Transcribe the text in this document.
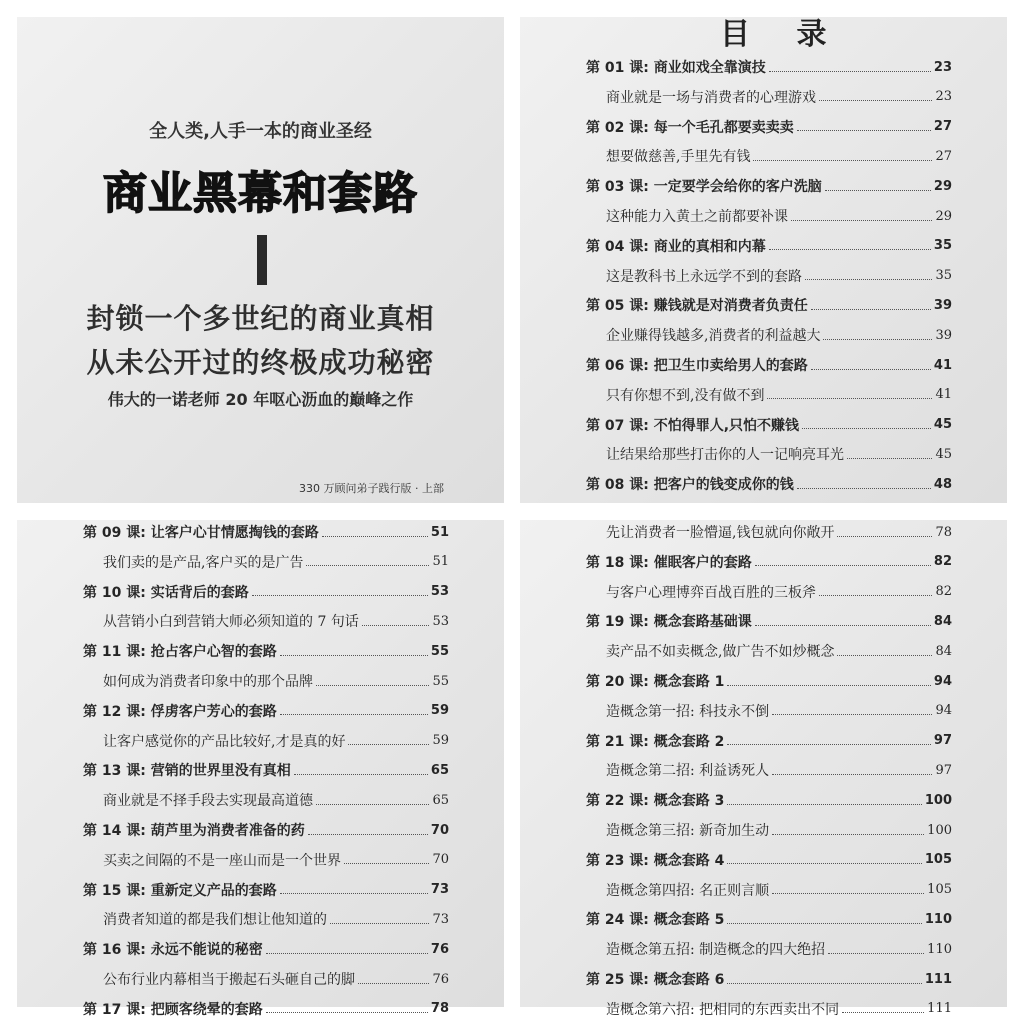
全人类,人手一本的商业圣经
商业黑幕和套路
封锁一个多世纪的商业真相
从未公开过的终极成功秘密
伟大的一诺老师 20 年呕心沥血的巅峰之作
330 万顾问弟子践行版 · 上部
目 录
第 01 课: 商业如戏全靠演技	23
商业就是一场与消费者的心理游戏	23
第 02 课: 每一个毛孔都要卖卖卖	27
想要做慈善,手里先有钱	27
第 03 课: 一定要学会给你的客户洗脑	29
这种能力入黄土之前都要补课	29
第 04 课: 商业的真相和内幕	35
这是教科书上永远学不到的套路	35
第 05 课: 赚钱就是对消费者负责任	39
企业赚得钱越多,消费者的利益越大	39
第 06 课: 把卫生巾卖给男人的套路	41
只有你想不到,没有做不到	41
第 07 课: 不怕得罪人,只怕不赚钱	45
让结果给那些打击你的人一记响亮耳光	45
第 08 课: 把客户的钱变成你的钱	48
第 09 课: 让客户心甘情愿掏钱的套路	51
我们卖的是产品,客户买的是广告	51
第 10 课: 实话背后的套路	53
从营销小白到营销大师必须知道的 7 句话	53
第 11 课: 抢占客户心智的套路	55
如何成为消费者印象中的那个品牌	55
第 12 课: 俘虏客户芳心的套路	59
让客户感觉你的产品比较好,才是真的好	59
第 13 课: 营销的世界里没有真相	65
商业就是不择手段去实现最高道德	65
第 14 课: 葫芦里为消费者准备的药	70
买卖之间隔的不是一座山而是一个世界	70
第 15 课: 重新定义产品的套路	73
消费者知道的都是我们想让他知道的	73
第 16 课: 永远不能说的秘密	76
公布行业内幕相当于搬起石头砸自己的脚	76
第 17 课: 把顾客绕晕的套路	78
先让消费者一脸懵逼,钱包就向你敞开	78
第 18 课: 催眠客户的套路	82
与客户心理博弈百战百胜的三板斧	82
第 19 课: 概念套路基础课	84
卖产品不如卖概念,做广告不如炒概念	84
第 20 课: 概念套路 1	94
造概念第一招: 科技永不倒	94
第 21 课: 概念套路 2	97
造概念第二招: 利益诱死人	97
第 22 课: 概念套路 3	100
造概念第三招: 新奇加生动	100
第 23 课: 概念套路 4	105
造概念第四招: 名正则言顺	105
第 24 课: 概念套路 5	110
造概念第五招: 制造概念的四大绝招	110
第 25 课: 概念套路 6	111
造概念第六招: 把相同的东西卖出不同	111
